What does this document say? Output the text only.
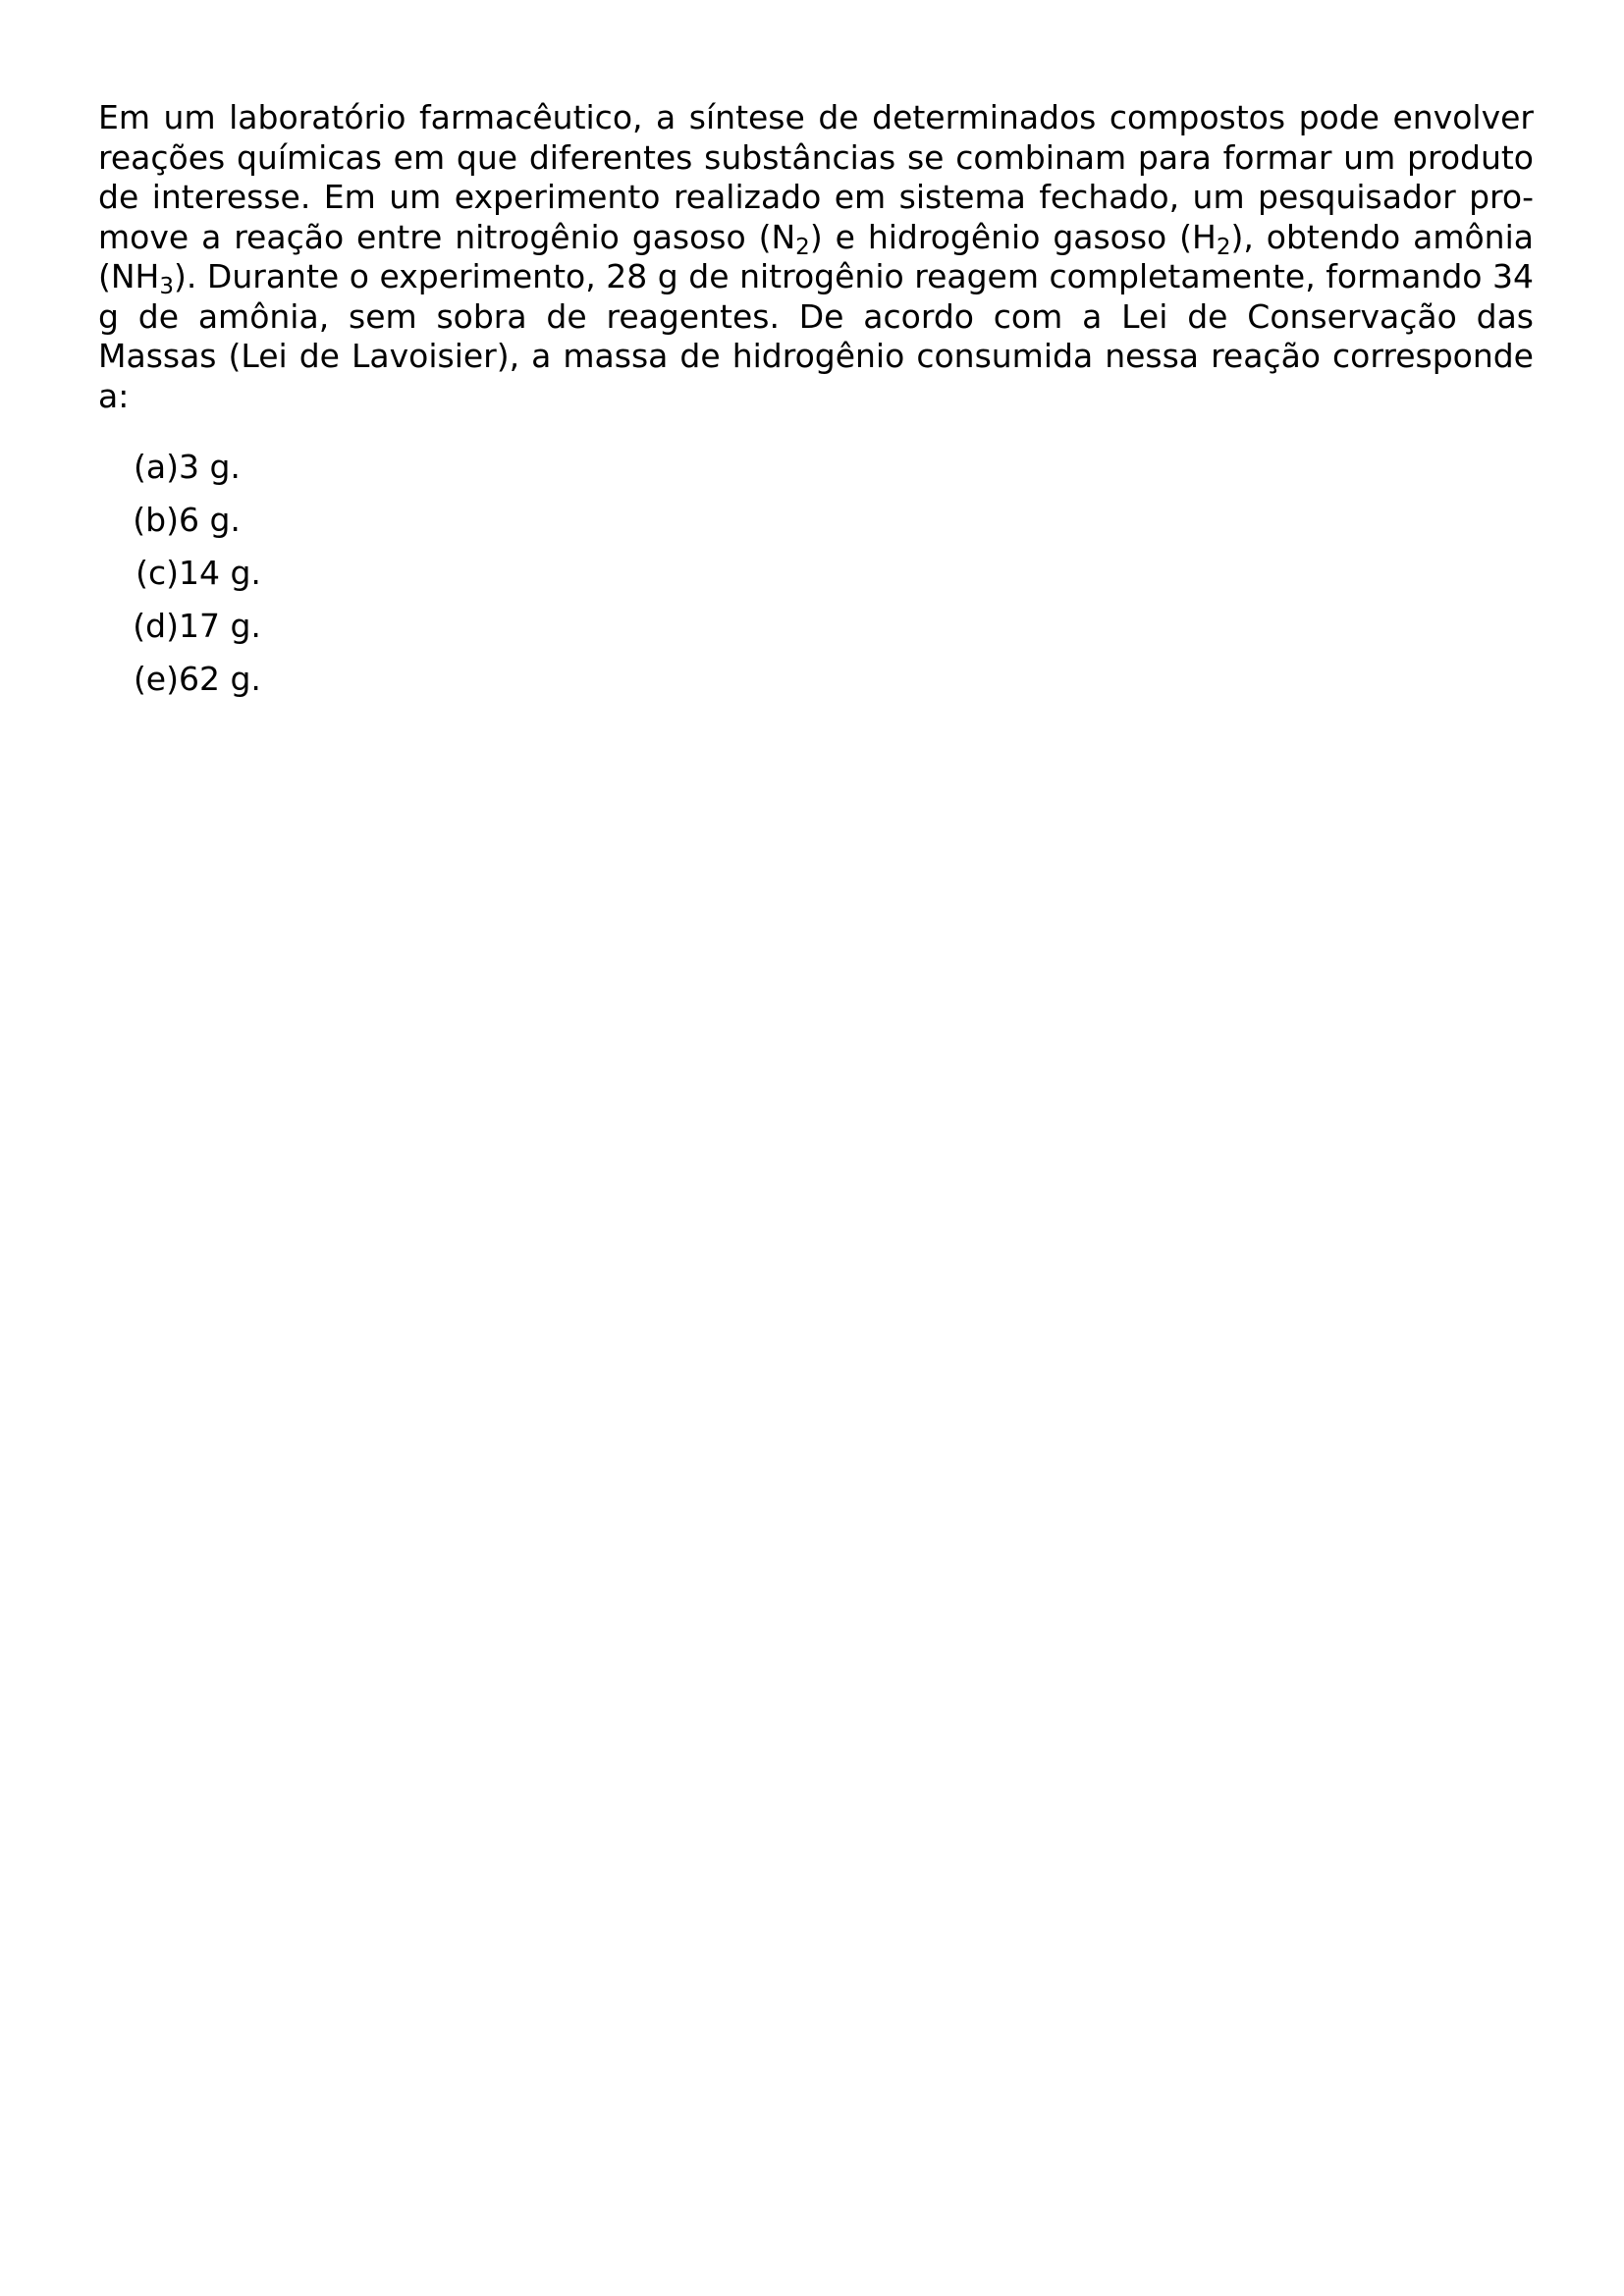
Em um laboratório farmacêutico, a síntese de determinados compostos pode envolver reações químicas em que diferentes substâncias se combinam para formar um produto de interesse. Em um experimento realizado em sistema fechado, um pesquisador promove a reação entre nitrogênio gasoso $(N_2)$ e hidrogênio gasoso $(H_2)$, obtendo amônia $(NH_3)$. Durante o experimento, 28 g de nitrogênio reagem completamente, formando 34 g de amônia, sem sobra de reagentes. De acordo com a Lei de Conservação das Massas (Lei de Lavoisier), a massa de hidrogênio consumida nessa reação corresponde a:

(a) 3 g.
(b) 6 g.
(c) 14 g.
(d) 17 g.
(e) 62 g.
